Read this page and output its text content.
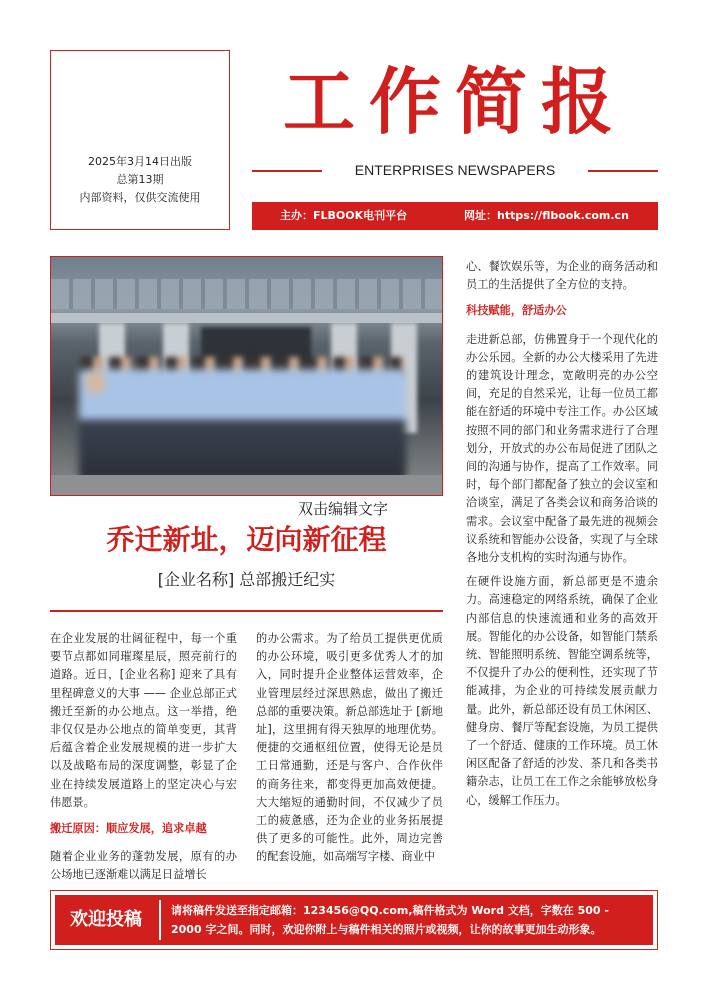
2025年3月14日出版
总第13期
内部资料，仅供交流使用
工作简报
ENTERPRISES NEWSPAPERS
主办：FLBOOK电刊平台	网址：https://flbook.com.cn
双击编辑文字
乔迁新址，迈向新征程
[企业名称] 总部搬迁纪实

在企业发展的壮阔征程中，每一个重要节点都如同璀璨星辰，照亮前行的道路。近日，[企业名称] 迎来了具有里程碑意义的大事 —— 企业总部正式搬迁至新的办公地点。这一举措，绝非仅仅是办公地点的简单变更，其背后蕴含着企业发展规模的进一步扩大以及战略布局的深度调整，彰显了企业在持续发展道路上的坚定决心与宏伟愿景。

搬迁原因：顺应发展，追求卓越

随着企业业务的蓬勃发展，原有的办公场地已逐渐难以满足日益增长

的办公需求。为了给员工提供更优质的办公环境，吸引更多优秀人才的加入，同时提升企业整体运营效率，企业管理层经过深思熟虑，做出了搬迁总部的重要决策。新总部选址于 [新地址]，这里拥有得天独厚的地理优势。便捷的交通枢纽位置，使得无论是员工日常通勤，还是与客户、合作伙伴的商务往来，都变得更加高效便捷。大大缩短的通勤时间，不仅减少了员工的疲惫感，还为企业的业务拓展提供了更多的可能性。此外，周边完善的配套设施，如高端写字楼、商业中

心、餐饮娱乐等，为企业的商务活动和员工的生活提供了全方位的支持。

科技赋能，舒适办公

走进新总部，仿佛置身于一个现代化的办公乐园。全新的办公大楼采用了先进的建筑设计理念，宽敞明亮的办公空间，充足的自然采光，让每一位员工都能在舒适的环境中专注工作。办公区域按照不同的部门和业务需求进行了合理划分，开放式的办公布局促进了团队之间的沟通与协作，提高了工作效率。同时，每个部门都配备了独立的会议室和洽谈室，满足了各类会议和商务洽谈的需求。会议室中配备了最先进的视频会议系统和智能办公设备，实现了与全球各地分支机构的实时沟通与协作。

在硬件设施方面，新总部更是不遗余力。高速稳定的网络系统，确保了企业内部信息的快速流通和业务的高效开展。智能化的办公设备，如智能门禁系统、智能照明系统、智能空调系统等，不仅提升了办公的便利性，还实现了节能减排，为企业的可持续发展贡献力量。此外，新总部还设有员工休闲区、健身房、餐厅等配套设施，为员工提供了一个舒适、健康的工作环境。员工休闲区配备了舒适的沙发、茶几和各类书籍杂志，让员工在工作之余能够放松身心，缓解工作压力。

欢迎投稿	请将稿件发送至指定邮箱：123456@QQ.com,稿件格式为 Word 文档，字数在 500 - 2000 字之间。同时，欢迎你附上与稿件相关的照片或视频，让你的故事更加生动形象。
